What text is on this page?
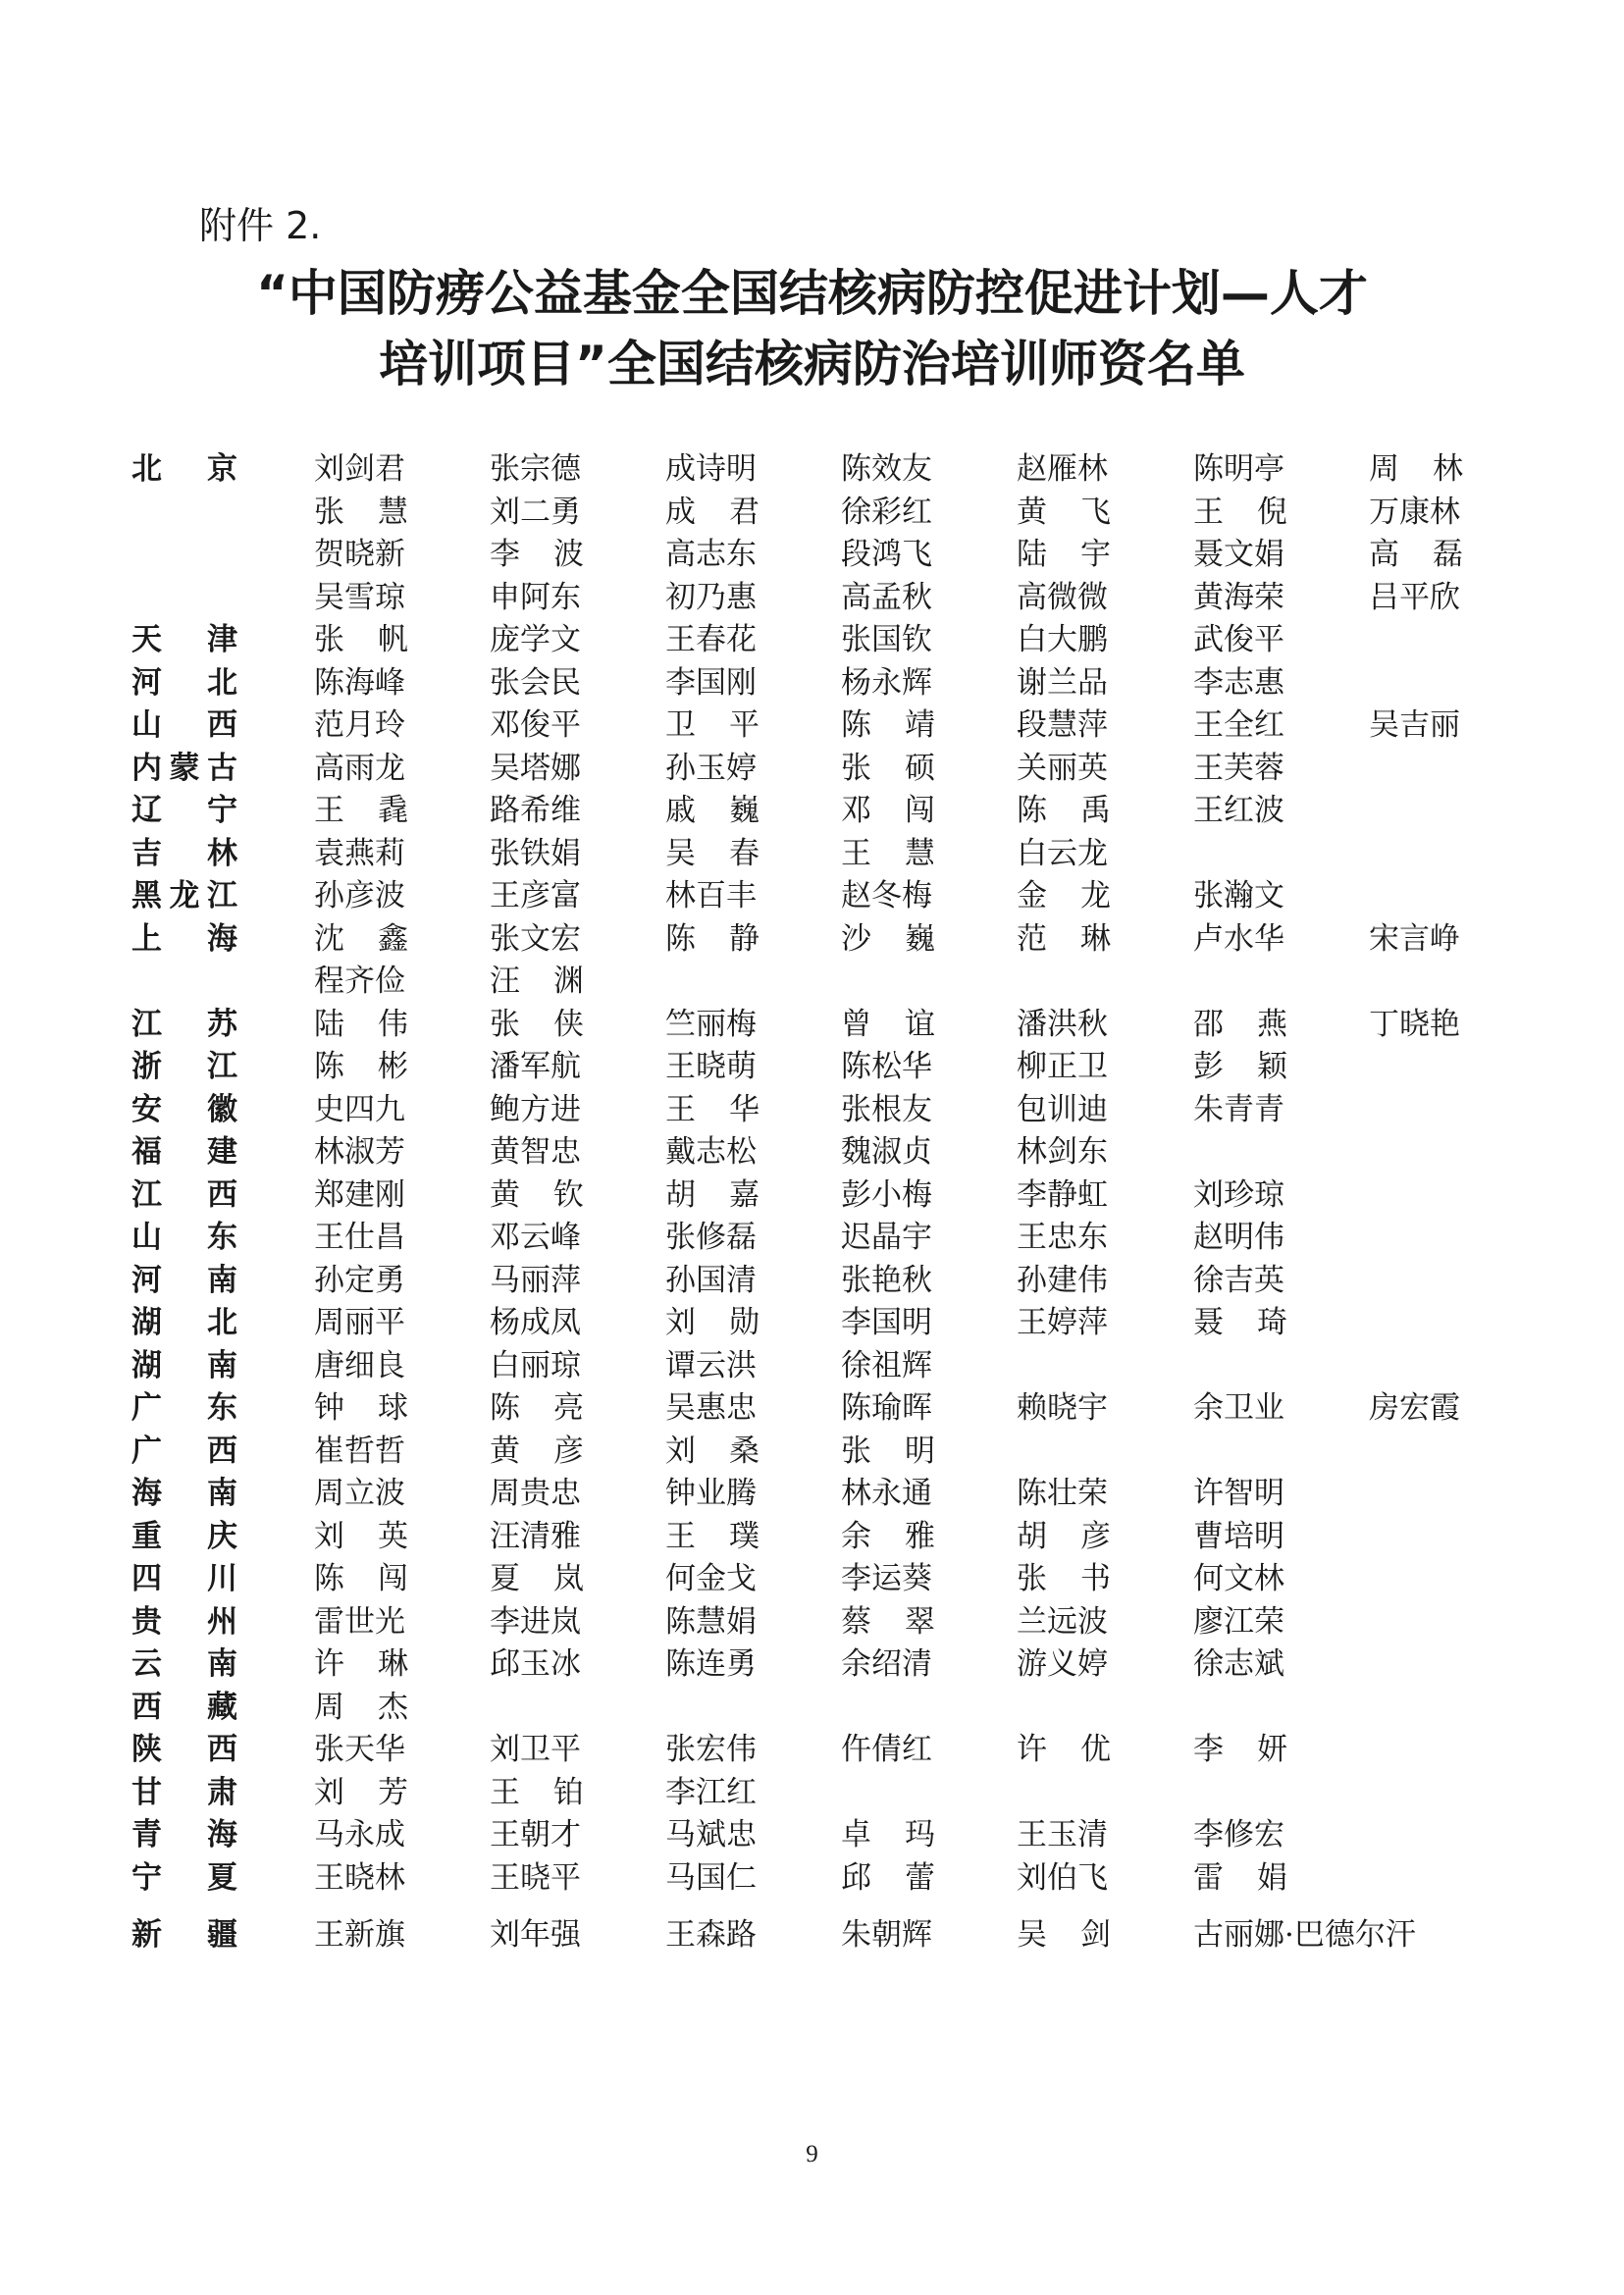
附件 2.
“中国防痨公益基金全国结核病防控促进计划—人才
培训项目”全国结核病防治培训师资名单
北 京	刘剑君	张宗德	成诗明	陈效友	赵雁林	陈明亭	周 林
张 慧	刘二勇	成 君	徐彩红	黄 飞	王 倪	万康林
贺晓新	李 波	高志东	段鸿飞	陆 宇	聂文娟	高 磊
吴雪琼	申阿东	初乃惠	高孟秋	高微微	黄海荣	吕平欣
天 津	张 帆	庞学文	王春花	张国钦	白大鹏	武俊平
河 北	陈海峰	张会民	李国刚	杨永辉	谢兰品	李志惠
山 西	范月玲	邓俊平	卫 平	陈 靖	段慧萍	王全红	吴吉丽
内蒙古	高雨龙	吴塔娜	孙玉婷	张 硕	关丽英	王芙蓉
辽 宁	王 毳	路希维	戚 巍	邓 闯	陈 禹	王红波
吉 林	袁燕莉	张铁娟	吴 春	王 慧	白云龙
黑龙江	孙彦波	王彦富	林百丰	赵冬梅	金 龙	张瀚文
上 海	沈 鑫	张文宏	陈 静	沙 巍	范 琳	卢水华	宋言峥
程齐俭	汪 渊
江 苏	陆 伟	张 侠	竺丽梅	曾 谊	潘洪秋	邵 燕	丁晓艳
浙 江	陈 彬	潘军航	王晓萌	陈松华	柳正卫	彭 颖
安 徽	史四九	鲍方进	王 华	张根友	包训迪	朱青青
福 建	林淑芳	黄智忠	戴志松	魏淑贞	林剑东
江 西	郑建刚	黄 钦	胡 嘉	彭小梅	李静虹	刘珍琼
山 东	王仕昌	邓云峰	张修磊	迟晶宇	王忠东	赵明伟
河 南	孙定勇	马丽萍	孙国清	张艳秋	孙建伟	徐吉英
湖 北	周丽平	杨成凤	刘 勋	李国明	王婷萍	聂 琦
湖 南	唐细良	白丽琼	谭云洪	徐祖辉
广 东	钟 球	陈 亮	吴惠忠	陈瑜晖	赖晓宇	余卫业	房宏霞
广 西	崔哲哲	黄 彦	刘 桑	张 明
海 南	周立波	周贵忠	钟业腾	林永通	陈壮荣	许智明
重 庆	刘 英	汪清雅	王 璞	余 雅	胡 彦	曹培明
四 川	陈 闯	夏 岚	何金戈	李运葵	张 书	何文林
贵 州	雷世光	李进岚	陈慧娟	蔡 翠	兰远波	廖江荣
云 南	许 琳	邱玉冰	陈连勇	余绍清	游义婷	徐志斌
西 藏	周 杰
陕 西	张天华	刘卫平	张宏伟	仵倩红	许 优	李 妍
甘 肃	刘 芳	王 铂	李江红
青 海	马永成	王朝才	马斌忠	卓 玛	王玉清	李修宏
宁 夏	王晓林	王晓平	马国仁	邱 蕾	刘伯飞	雷 娟
新 疆	王新旗	刘年强	王森路	朱朝辉	吴 剑	古丽娜·巴德尔汗
9
